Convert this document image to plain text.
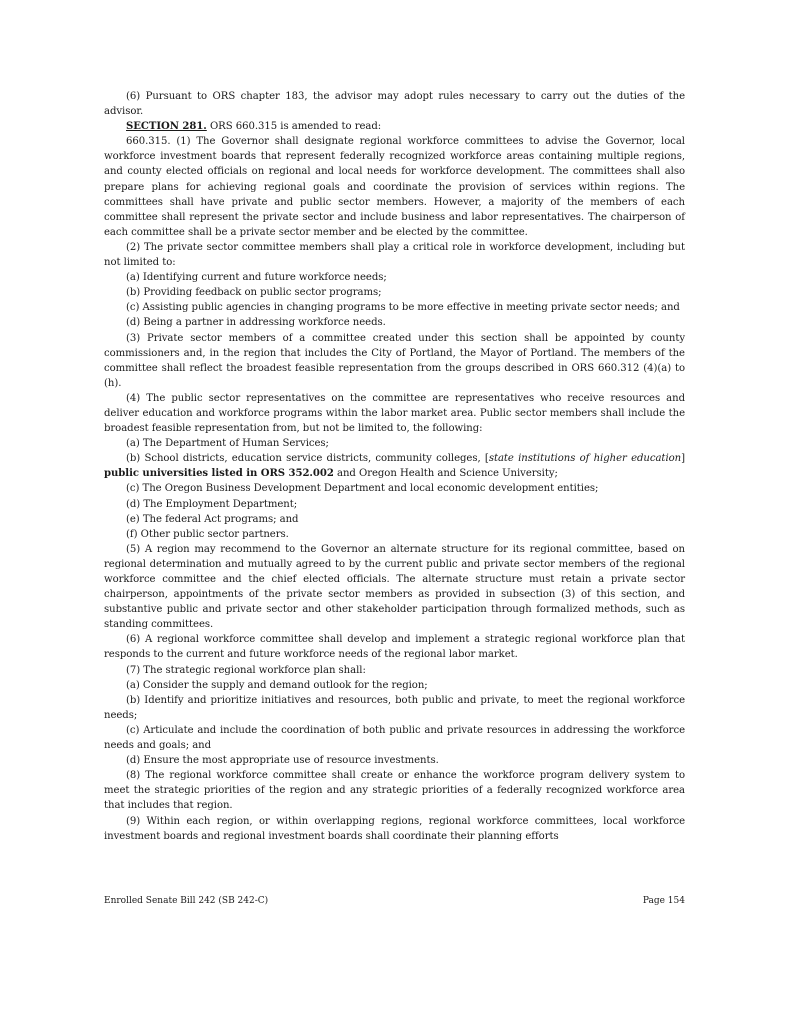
(6) Pursuant to ORS chapter 183, the advisor may adopt rules necessary to carry out the duties of the advisor.

SECTION 281. ORS 660.315 is amended to read:

660.315. (1) The Governor shall designate regional workforce committees to advise the Governor, local workforce investment boards that represent federally recognized workforce areas containing multiple regions, and county elected officials on regional and local needs for workforce development. The committees shall also prepare plans for achieving regional goals and coordinate the provision of services within regions. The committees shall have private and public sector members. However, a majority of the members of each committee shall represent the private sector and include business and labor representatives. The chairperson of each committee shall be a private sector member and be elected by the committee.

(2) The private sector committee members shall play a critical role in workforce development, including but not limited to:

(a) Identifying current and future workforce needs;

(b) Providing feedback on public sector programs;

(c) Assisting public agencies in changing programs to be more effective in meeting private sector needs; and

(d) Being a partner in addressing workforce needs.

(3) Private sector members of a committee created under this section shall be appointed by county commissioners and, in the region that includes the City of Portland, the Mayor of Portland. The members of the committee shall reflect the broadest feasible representation from the groups described in ORS 660.312 (4)(a) to (h).

(4) The public sector representatives on the committee are representatives who receive resources and deliver education and workforce programs within the labor market area. Public sector members shall include the broadest feasible representation from, but not be limited to, the following:

(a) The Department of Human Services;

(b) School districts, education service districts, community colleges, [state institutions of higher education] public universities listed in ORS 352.002 and Oregon Health and Science University;

(c) The Oregon Business Development Department and local economic development entities;

(d) The Employment Department;

(e) The federal Act programs; and

(f) Other public sector partners.

(5) A region may recommend to the Governor an alternate structure for its regional committee, based on regional determination and mutually agreed to by the current public and private sector members of the regional workforce committee and the chief elected officials. The alternate structure must retain a private sector chairperson, appointments of the private sector members as provided in subsection (3) of this section, and substantive public and private sector and other stakeholder participation through formalized methods, such as standing committees.

(6) A regional workforce committee shall develop and implement a strategic regional workforce plan that responds to the current and future workforce needs of the regional labor market.

(7) The strategic regional workforce plan shall:

(a) Consider the supply and demand outlook for the region;

(b) Identify and prioritize initiatives and resources, both public and private, to meet the regional workforce needs;

(c) Articulate and include the coordination of both public and private resources in addressing the workforce needs and goals; and

(d) Ensure the most appropriate use of resource investments.

(8) The regional workforce committee shall create or enhance the workforce program delivery system to meet the strategic priorities of the region and any strategic priorities of a federally recognized workforce area that includes that region.

(9) Within each region, or within overlapping regions, regional workforce committees, local workforce investment boards and regional investment boards shall coordinate their planning efforts

Enrolled Senate Bill 242 (SB 242-C)	Page 154
